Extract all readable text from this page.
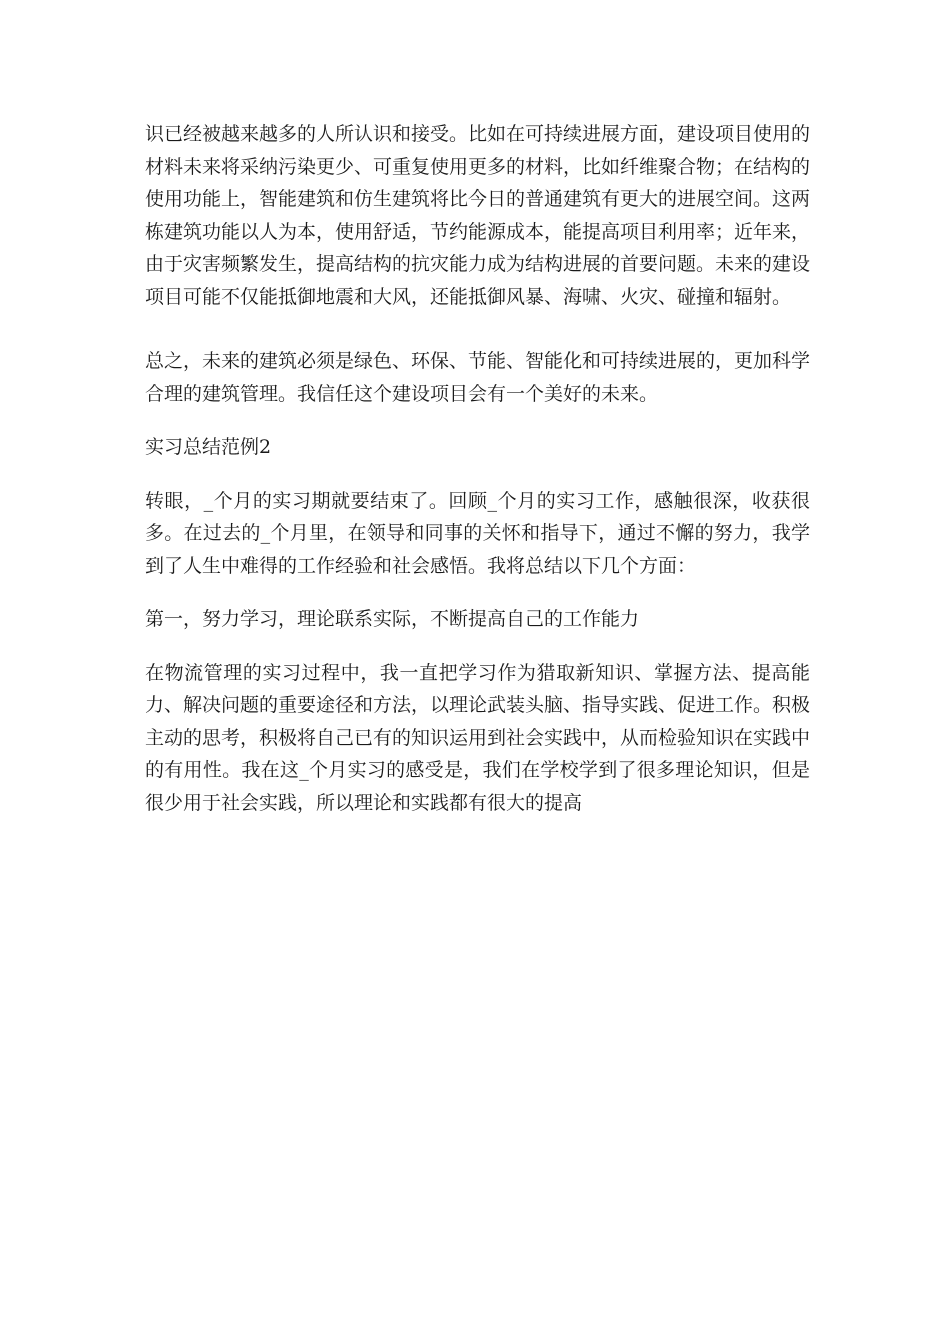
识已经被越来越多的人所认识和接受。比如在可持续进展方面，建设项目使用的材料未来将采纳污染更少、可重复使用更多的材料，比如纤维聚合物；在结构的使用功能上，智能建筑和仿生建筑将比今日的普通建筑有更大的进展空间。这两栋建筑功能以人为本，使用舒适，节约能源成本，能提高项目利用率；近年来，由于灾害频繁发生，提高结构的抗灾能力成为结构进展的首要问题。未来的建设项目可能不仅能抵御地震和大风，还能抵御风暴、海啸、火灾、碰撞和辐射。

总之，未来的建筑必须是绿色、环保、节能、智能化和可持续进展的，更加科学合理的建筑管理。我信任这个建设项目会有一个美好的未来。

实习总结范例2

转眼，_个月的实习期就要结束了。回顾_个月的实习工作，感触很深，收获很多。在过去的_个月里，在领导和同事的关怀和指导下，通过不懈的努力，我学到了人生中难得的工作经验和社会感悟。我将总结以下几个方面：

第一，努力学习，理论联系实际，不断提高自己的工作能力

在物流管理的实习过程中，我一直把学习作为猎取新知识、掌握方法、提高能力、解决问题的重要途径和方法，以理论武装头脑、指导实践、促进工作。积极主动的思考，积极将自己已有的知识运用到社会实践中，从而检验知识在实践中的有用性。我在这_个月实习的感受是，我们在学校学到了很多理论知识，但是很少用于社会实践，所以理论和实践都有很大的提高
